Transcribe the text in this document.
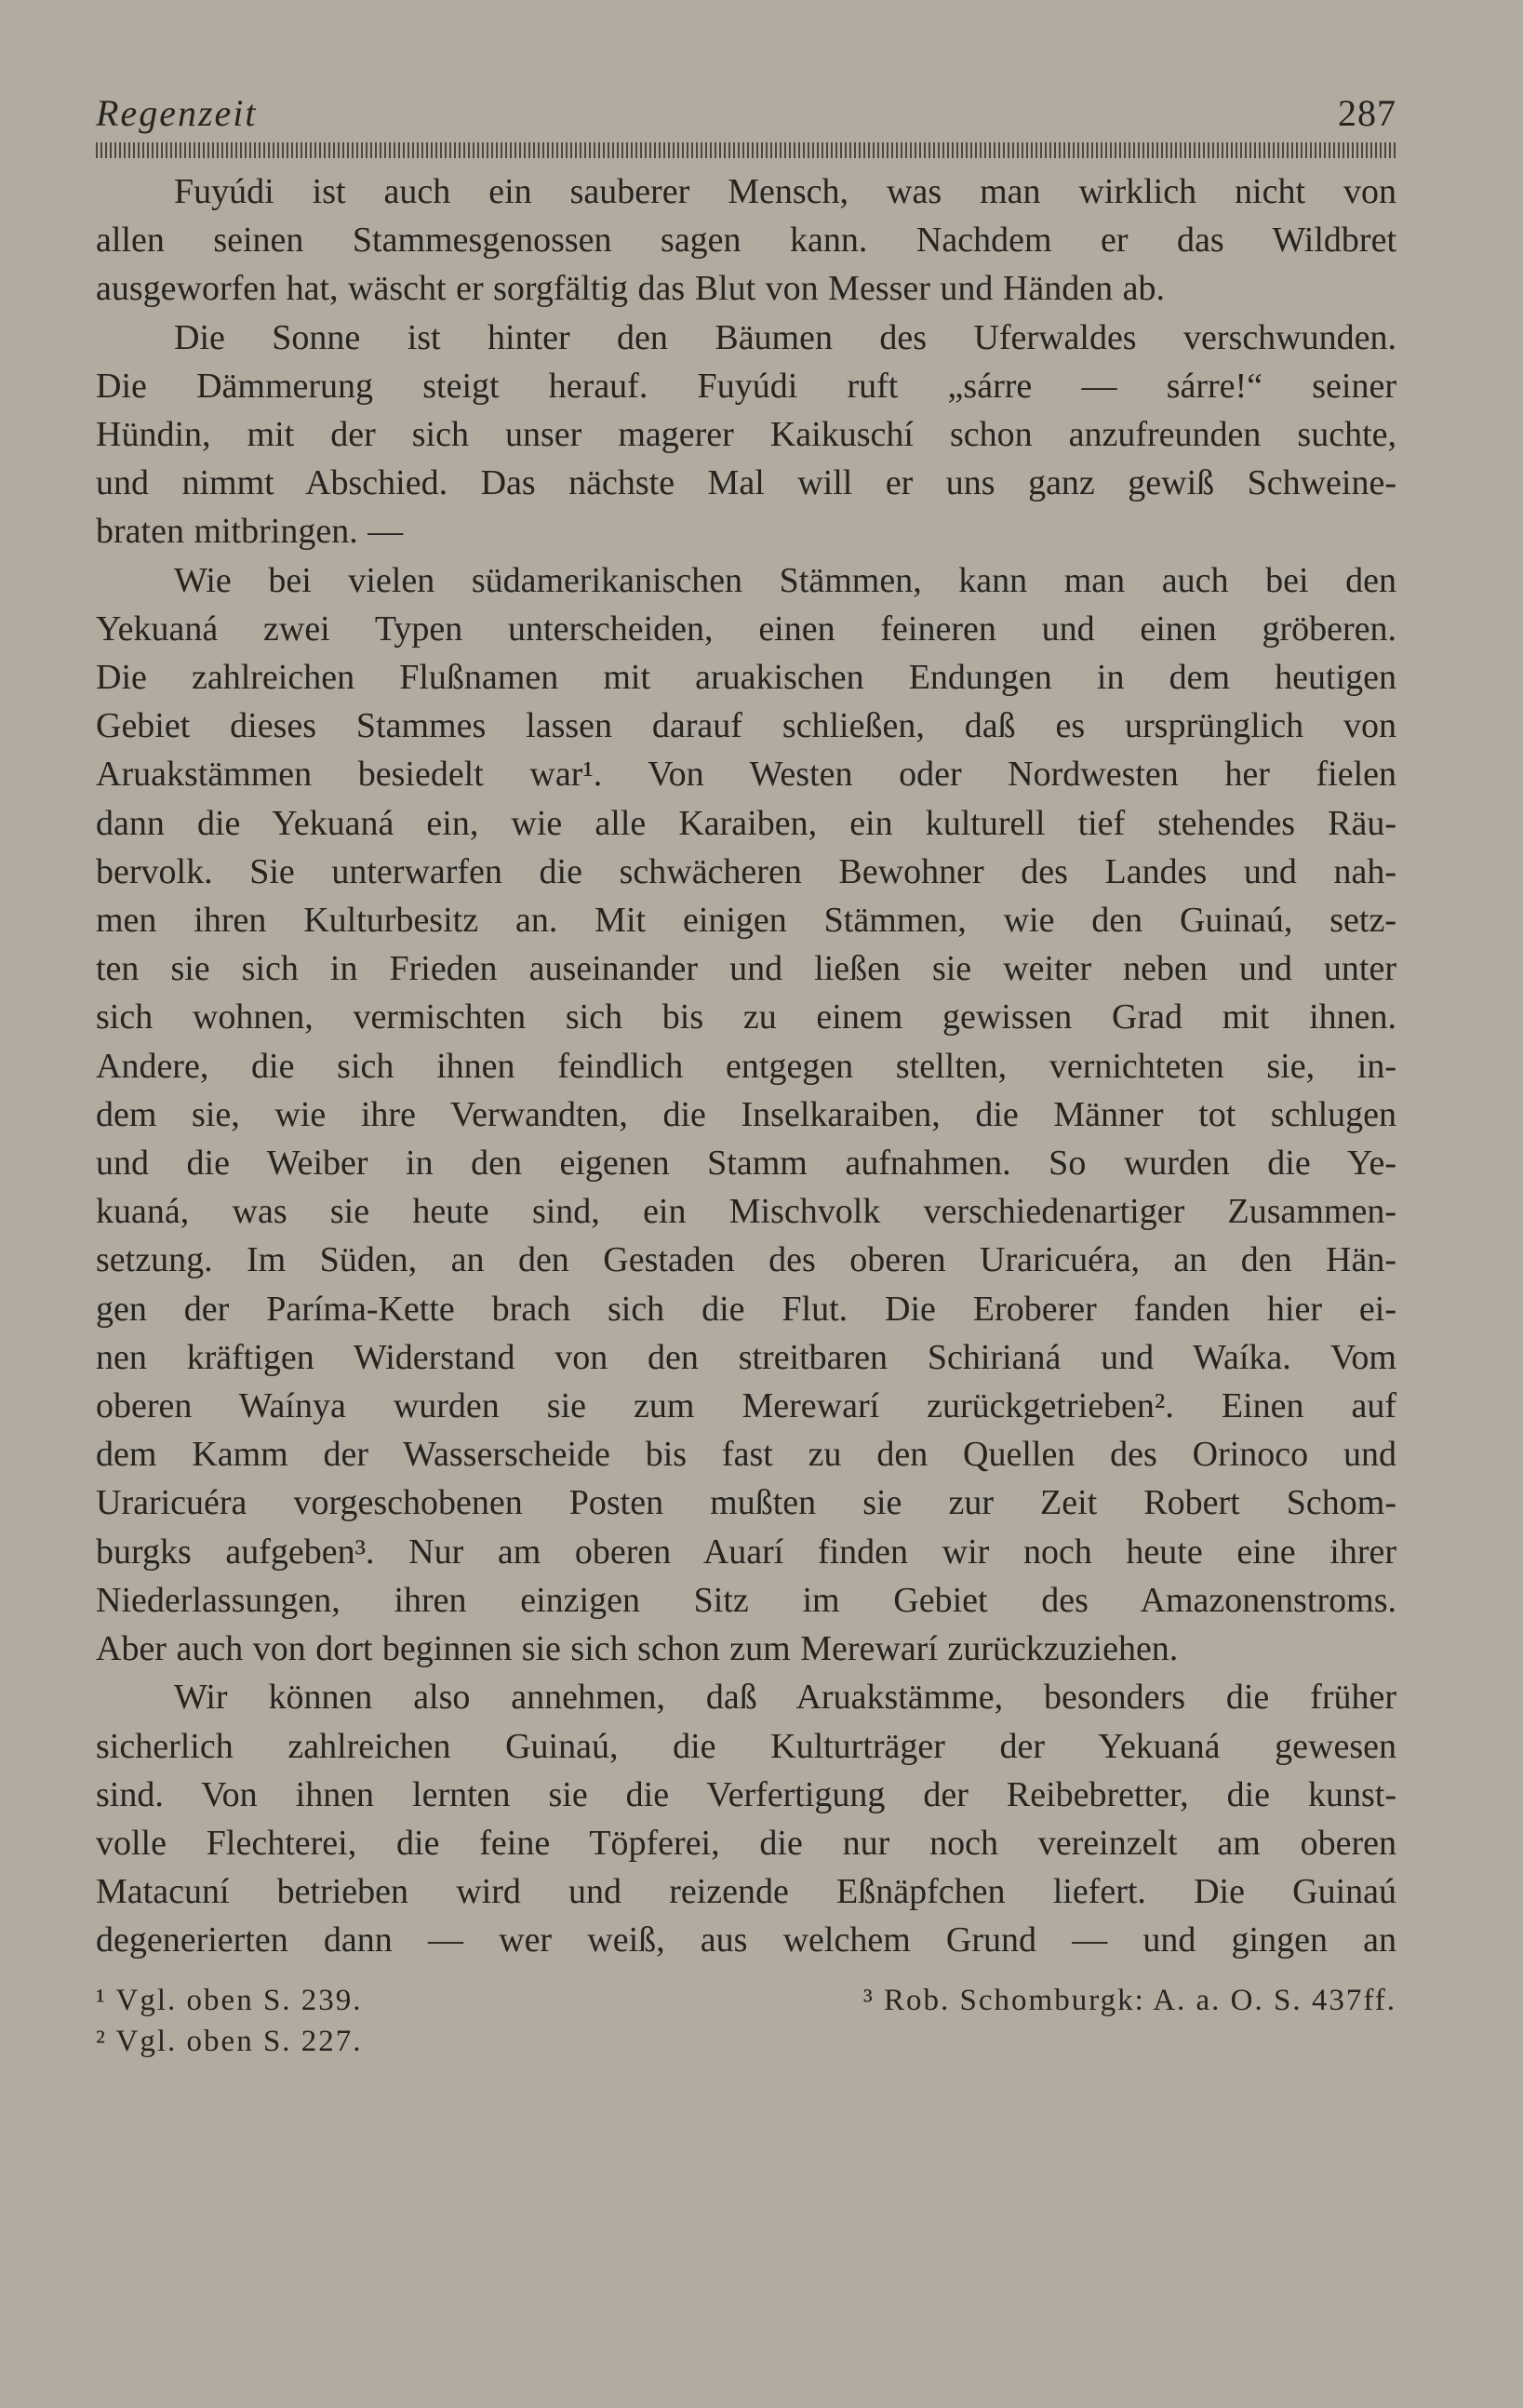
Regenzeit	287
Fuyúdi ist auch ein sauberer Mensch, was man wirklich nicht von
allen seinen Stammesgenossen sagen kann. Nachdem er das Wildbret
ausgeworfen hat, wäscht er sorgfältig das Blut von Messer und Händen ab.
Die Sonne ist hinter den Bäumen des Uferwaldes verschwunden.
Die Dämmerung steigt herauf. Fuyúdi ruft „sárre — sárre!“ seiner
Hündin, mit der sich unser magerer Kaikuschí schon anzufreunden suchte,
und nimmt Abschied. Das nächste Mal will er uns ganz gewiß Schweine-
braten mitbringen. —
Wie bei vielen südamerikanischen Stämmen, kann man auch bei den
Yekuaná zwei Typen unterscheiden, einen feineren und einen gröberen.
Die zahlreichen Flußnamen mit aruakischen Endungen in dem heutigen
Gebiet dieses Stammes lassen darauf schließen, daß es ursprünglich von
Aruakstämmen besiedelt war¹. Von Westen oder Nordwesten her fielen
dann die Yekuaná ein, wie alle Karaiben, ein kulturell tief stehendes Räu-
bervolk. Sie unterwarfen die schwächeren Bewohner des Landes und nah-
men ihren Kulturbesitz an. Mit einigen Stämmen, wie den Guinaú, setz-
ten sie sich in Frieden auseinander und ließen sie weiter neben und unter
sich wohnen, vermischten sich bis zu einem gewissen Grad mit ihnen.
Andere, die sich ihnen feindlich entgegen stellten, vernichteten sie, in-
dem sie, wie ihre Verwandten, die Inselkaraiben, die Männer tot schlugen
und die Weiber in den eigenen Stamm aufnahmen. So wurden die Ye-
kuaná, was sie heute sind, ein Mischvolk verschiedenartiger Zusammen-
setzung. Im Süden, an den Gestaden des oberen Uraricuéra, an den Hän-
gen der Paríma-Kette brach sich die Flut. Die Eroberer fanden hier ei-
nen kräftigen Widerstand von den streitbaren Schirianá und Waíka. Vom
oberen Waínya wurden sie zum Merewarí zurückgetrieben². Einen auf
dem Kamm der Wasserscheide bis fast zu den Quellen des Orinoco und
Uraricuéra vorgeschobenen Posten mußten sie zur Zeit Robert Schom-
burgks aufgeben³. Nur am oberen Auarí finden wir noch heute eine ihrer
Niederlassungen, ihren einzigen Sitz im Gebiet des Amazonenstroms.
Aber auch von dort beginnen sie sich schon zum Merewarí zurückzuziehen.
Wir können also annehmen, daß Aruakstämme, besonders die früher
sicherlich zahlreichen Guinaú, die Kulturträger der Yekuaná gewesen
sind. Von ihnen lernten sie die Verfertigung der Reibebretter, die kunst-
volle Flechterei, die feine Töpferei, die nur noch vereinzelt am oberen
Matacuní betrieben wird und reizende Eßnäpfchen liefert. Die Guinaú
degenerierten dann — wer weiß, aus welchem Grund — und gingen an
¹ Vgl. oben S. 239.	³ Rob. Schomburgk: A. a. O. S. 437ff.
² Vgl. oben S. 227.
